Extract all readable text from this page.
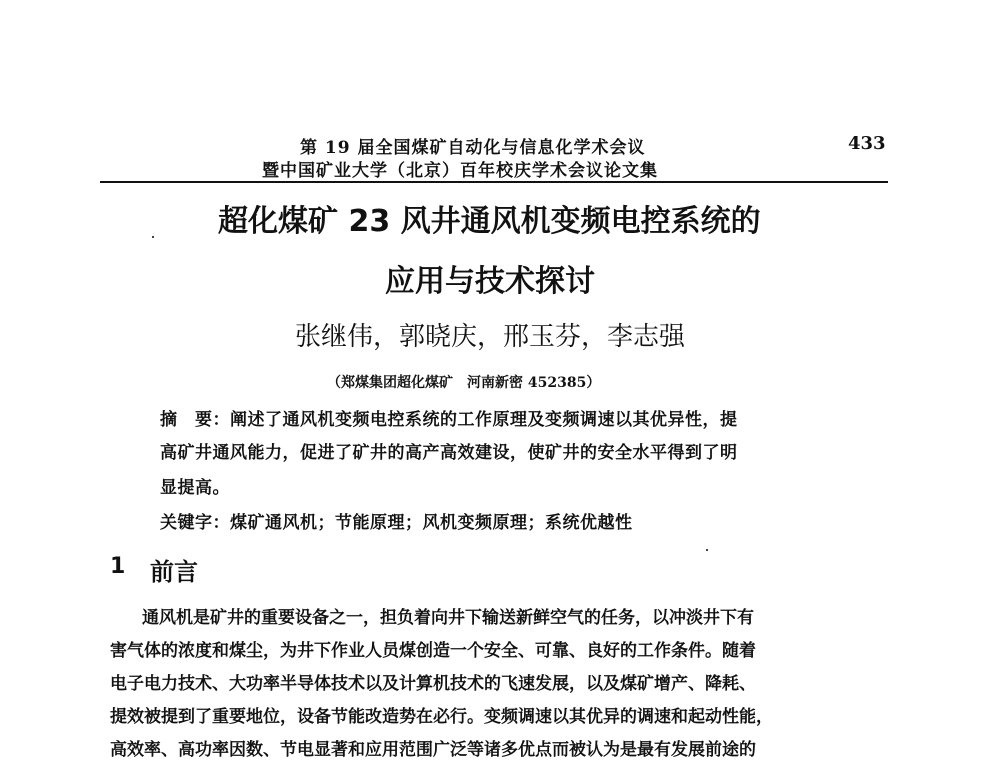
第 19 届全国煤矿自动化与信息化学术会议
暨中国矿业大学（北京）百年校庆学术会议论文集
433
超化煤矿 23 风井通风机变频电控系统的
应用与技术探讨
张继伟，郭晓庆，邢玉芬，李志强
（郑煤集团超化煤矿　河南新密 452385）
摘　要：阐述了通风机变频电控系统的工作原理及变频调速以其优异性，提
高矿井通风能力，促进了矿井的高产高效建设，使矿井的安全水平得到了明
显提高。
关键字：煤矿通风机；节能原理；风机变频原理；系统优越性
1 前言
通风机是矿井的重要设备之一，担负着向井下输送新鲜空气的任务，以冲淡井下有
害气体的浓度和煤尘，为井下作业人员煤创造一个安全、可靠、良好的工作条件。随着
电子电力技术、大功率半导体技术以及计算机技术的飞速发展，以及煤矿增产、降耗、
提效被提到了重要地位，设备节能改造势在必行。变频调速以其优异的调速和起动性能，
高效率、高功率因数、节电显著和应用范围广泛等诸多优点而被认为是最有发展前途的
